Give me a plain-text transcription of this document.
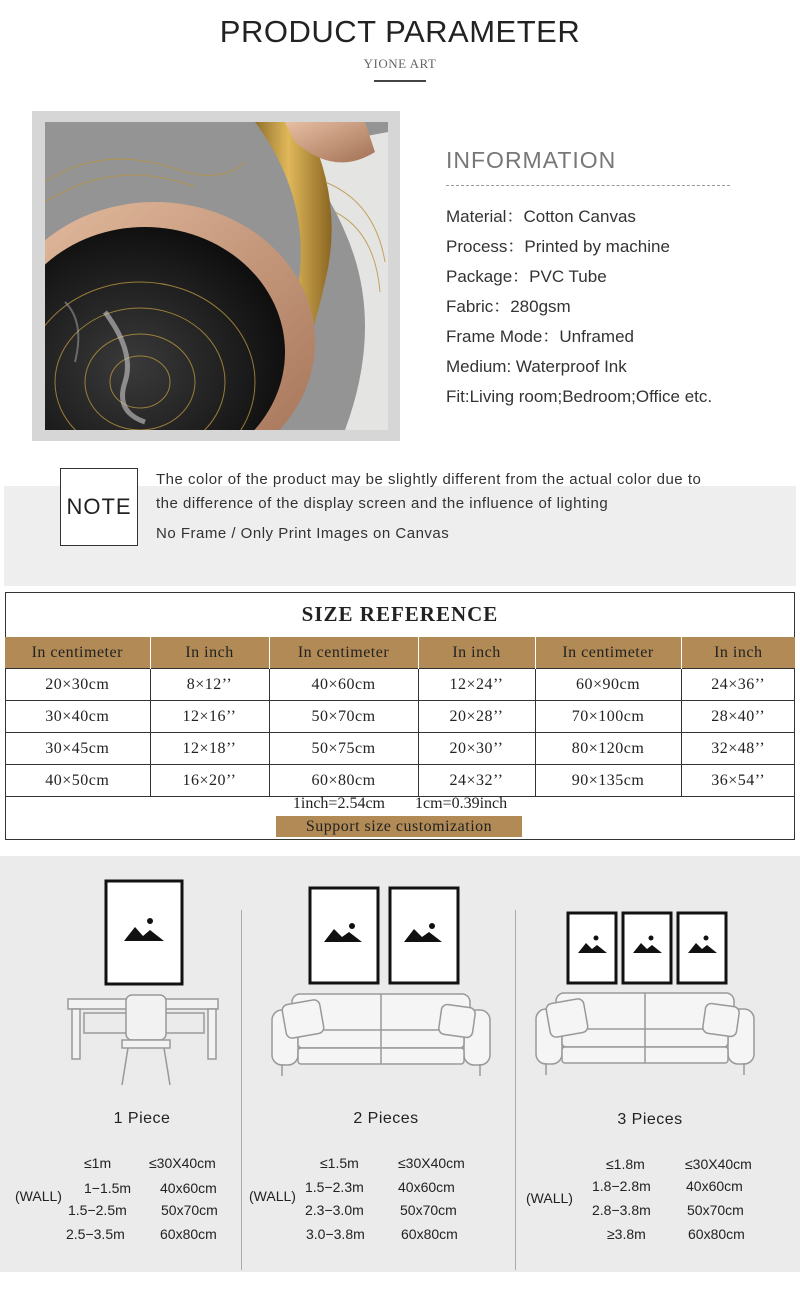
PRODUCT PARAMETER
YIONE ART
INFORMATION
Material：Cotton Canvas
Process：Printed by machine
Package：PVC Tube
Fabric：280gsm
Frame Mode：Unframed
Medium: Waterproof Ink
Fit:Living room;Bedroom;Office etc.
NOTE
The color of the product may be slightly different from the actual color due to
the difference of the display screen and the influence of lighting
No Frame / Only Print Images on Canvas
SIZE REFERENCE
In centimeter	In inch	In centimeter	In inch	In centimeter	In inch
20×30cm	8×12’’	40×60cm	12×24’’	60×90cm	24×36’’
30×40cm	12×16’’	50×70cm	20×28’’	70×100cm	28×40’’
30×45cm	12×18’’	50×75cm	20×30’’	80×120cm	32×48’’
40×50cm	16×20’’	60×80cm	24×32’’	90×135cm	36×54’’
1inch=2.54cm     1cm=0.39inch
Support size customization
1 Piece	2 Pieces	3 Pieces
(WALL)
≤1m	≤30X40cm
1−1.5m 40x60cm
1.5−2.5m 50x70cm
2.5−3.5m	60x80cm
(WALL)
≤1.5m	≤30X40cm
1.5−2.3m 40x60cm
2.3−3.0m	50x70cm
3.0−3.8m	60x80cm
(WALL)
≤1.8m	≤30X40cm
1.8−2.8m	40x60cm
2.8−3.8m	50x70cm
≥3.8m	60x80cm
